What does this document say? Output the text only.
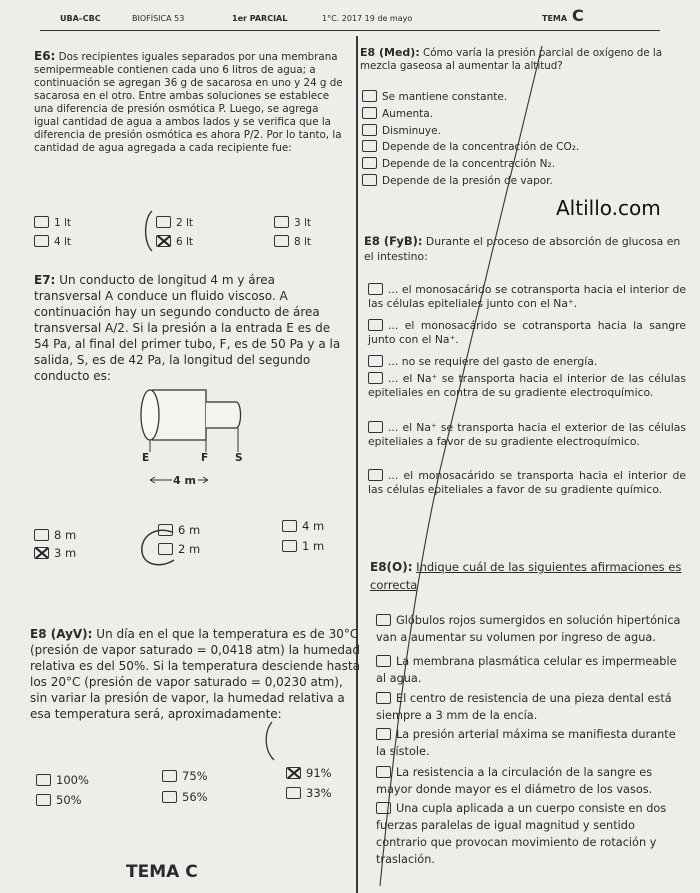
UBA–CBC	BIOFÍSICA 53	1er PARCIAL	1°C. 2017 19 de mayo	TEMA C
E6: Dos recipientes iguales separados por una membrana semipermeable contienen cada uno 6 litros de agua; a continuación se agregan 36 g de sacarosa en uno y 24 g de sacarosa en el otro. Entre ambas soluciones se establece una diferencia de presión osmótica P. Luego, se agrega igual cantidad de agua a ambos lados y se verifica que la diferencia de presión osmótica es ahora P/2. Por lo tanto, la cantidad de agua agregada a cada recipiente fue:
1 lt	2 lt	3 lt
4 lt	6 lt	8 lt
E7: Un conducto de longitud 4 m y área transversal A conduce un fluido viscoso. A continuación hay un segundo conducto de área transversal A/2. Si la presión a la entrada E es de 54 Pa, al final del primer tubo, F, es de 50 Pa y a la salida, S, es de 42 Pa, la longitud del segundo conducto es:
E	F	S
4 m
8 m	6 m	4 m
3 m	2 m	1 m
E8 (AyV): Un día en el que la temperatura es de 30°C (presión de vapor saturado = 0,0418 atm) la humedad relativa es del 50%. Si la temperatura desciende hasta los 20°C (presión de vapor saturado = 0,0230 atm), sin variar la presión de vapor, la humedad relativa a esa temperatura será, aproximadamente:
100%	75%	91%
50%	56%	33%
TEMA C
E8 (Med): Cómo varía la presión parcial de oxígeno de la mezcla gaseosa al aumentar la altitud?
Se mantiene constante.
Aumenta.
Disminuye.
Depende de la concentración de CO₂.
Depende de la concentración N₂.
Depende de la presión de vapor.
Altillo.com
E8 (FyB): Durante el proceso de absorción de glucosa en el intestino:
... el monosacárido se cotransporta hacia el interior de las células epiteliales junto con el Na⁺.
... el monosacárido se cotransporta hacia la sangre junto con el Na⁺.
... no se requiere del gasto de energía.
... el Na⁺ se transporta hacia el interior de las células epiteliales en contra de su gradiente electroquímico.
... el Na⁺ se transporta hacia el exterior de las células epiteliales a favor de su gradiente electroquímico.
... el monosacárido se transporta hacia el interior de las células epiteliales a favor de su gradiente químico.
E8(O): Indique cuál de las siguientes afirmaciones es correcta
Glóbulos rojos sumergidos en solución hipertónica van a aumentar su volumen por ingreso de agua.
La membrana plasmática celular es impermeable al agua.
El centro de resistencia de una pieza dental está siempre a 3 mm de la encía.
La presión arterial máxima se manifiesta durante la sístole.
La resistencia a la circulación de la sangre es mayor donde mayor es el diámetro de los vasos.
Una cupla aplicada a un cuerpo consiste en dos fuerzas paralelas de igual magnitud y sentido contrario que provocan movimiento de rotación y traslación.
